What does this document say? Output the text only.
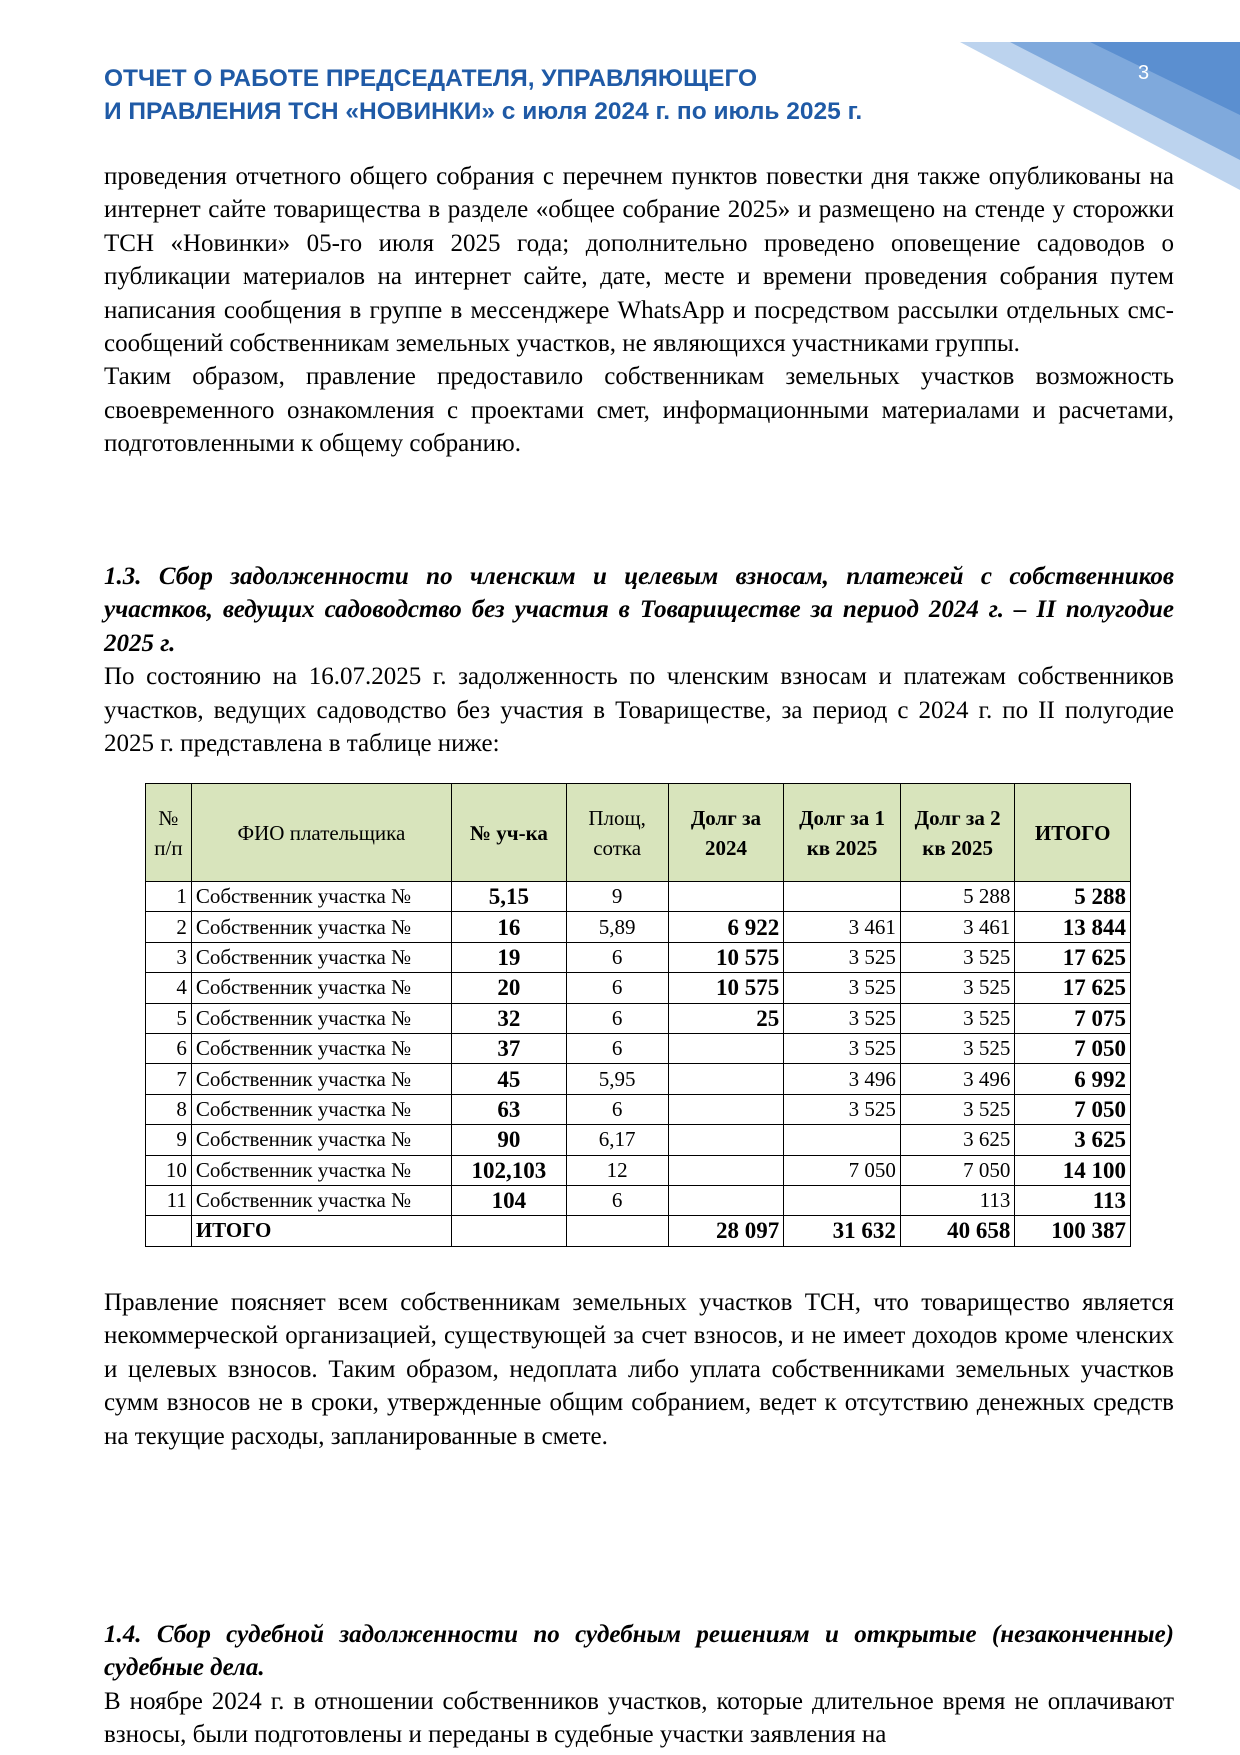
3
ОТЧЕТ О РАБОТЕ ПРЕДСЕДАТЕЛЯ, УПРАВЛЯЮЩЕГО
И ПРАВЛЕНИЯ ТСН «НОВИНКИ» с июля 2024 г. по июль 2025 г.

проведения отчетного общего собрания с перечнем пунктов повестки дня также опубликованы на интернет сайте товарищества в разделе «общее собрание 2025» и размещено на стенде у сторожки ТСН «Новинки» 05-го июля 2025 года; дополнительно проведено оповещение садоводов о публикации материалов на интернет сайте, дате, месте и времени проведения собрания путем написания сообщения в группе в мессенджере WhatsApp и посредством рассылки отдельных смс-сообщений собственникам земельных участков, не являющихся участниками группы.

Таким образом, правление предоставило собственникам земельных участков возможность своевременного ознакомления с проектами смет, информационными материалами и расчетами, подготовленными к общему собранию.

1.3. Сбор задолженности по членским и целевым взносам, платежей с собственников участков, ведущих садоводство без участия в Товариществе за период 2024 г. – II полугодие 2025 г.

По состоянию на 16.07.2025 г. задолженность по членским взносам и платежам собственников участков, ведущих садоводство без участия в Товариществе, за период с 2024 г. по II полугодие 2025 г. представлена в таблице ниже:

№ п/п	ФИО плательщика	№ уч-ка	Площ, сотка	Долг за 2024	Долг за 1 кв 2025	Долг за 2 кв 2025	ИТОГО
1	Собственник участка №	5,15	9			5 288	5 288
2	Собственник участка №	16	5,89	6 922	3 461	3 461	13 844
3	Собственник участка №	19	6	10 575	3 525	3 525	17 625
4	Собственник участка №	20	6	10 575	3 525	3 525	17 625
5	Собственник участка №	32	6	25	3 525	3 525	7 075
6	Собственник участка №	37	6		3 525	3 525	7 050
7	Собственник участка №	45	5,95		3 496	3 496	6 992
8	Собственник участка №	63	6		3 525	3 525	7 050
9	Собственник участка №	90	6,17			3 625	3 625
10	Собственник участка №	102,103	12		7 050	7 050	14 100
11	Собственник участка №	104	6			113	113
	ИТОГО			28 097	31 632	40 658	100 387
Правление поясняет всем собственникам земельных участков ТСН, что товарищество является некоммерческой организацией, существующей за счет взносов, и не имеет доходов кроме членских и целевых взносов. Таким образом, недоплата либо уплата собственниками земельных участков сумм взносов не в сроки, утвержденные общим собранием, ведет к отсутствию денежных средств на текущие расходы, запланированные в смете.

1.4. Сбор судебной задолженности по судебным решениям и открытые (незаконченные) судебные дела.

В ноябре 2024 г. в отношении собственников участков, которые длительное время не оплачивают взносы, были подготовлены и переданы в судебные участки заявления на
